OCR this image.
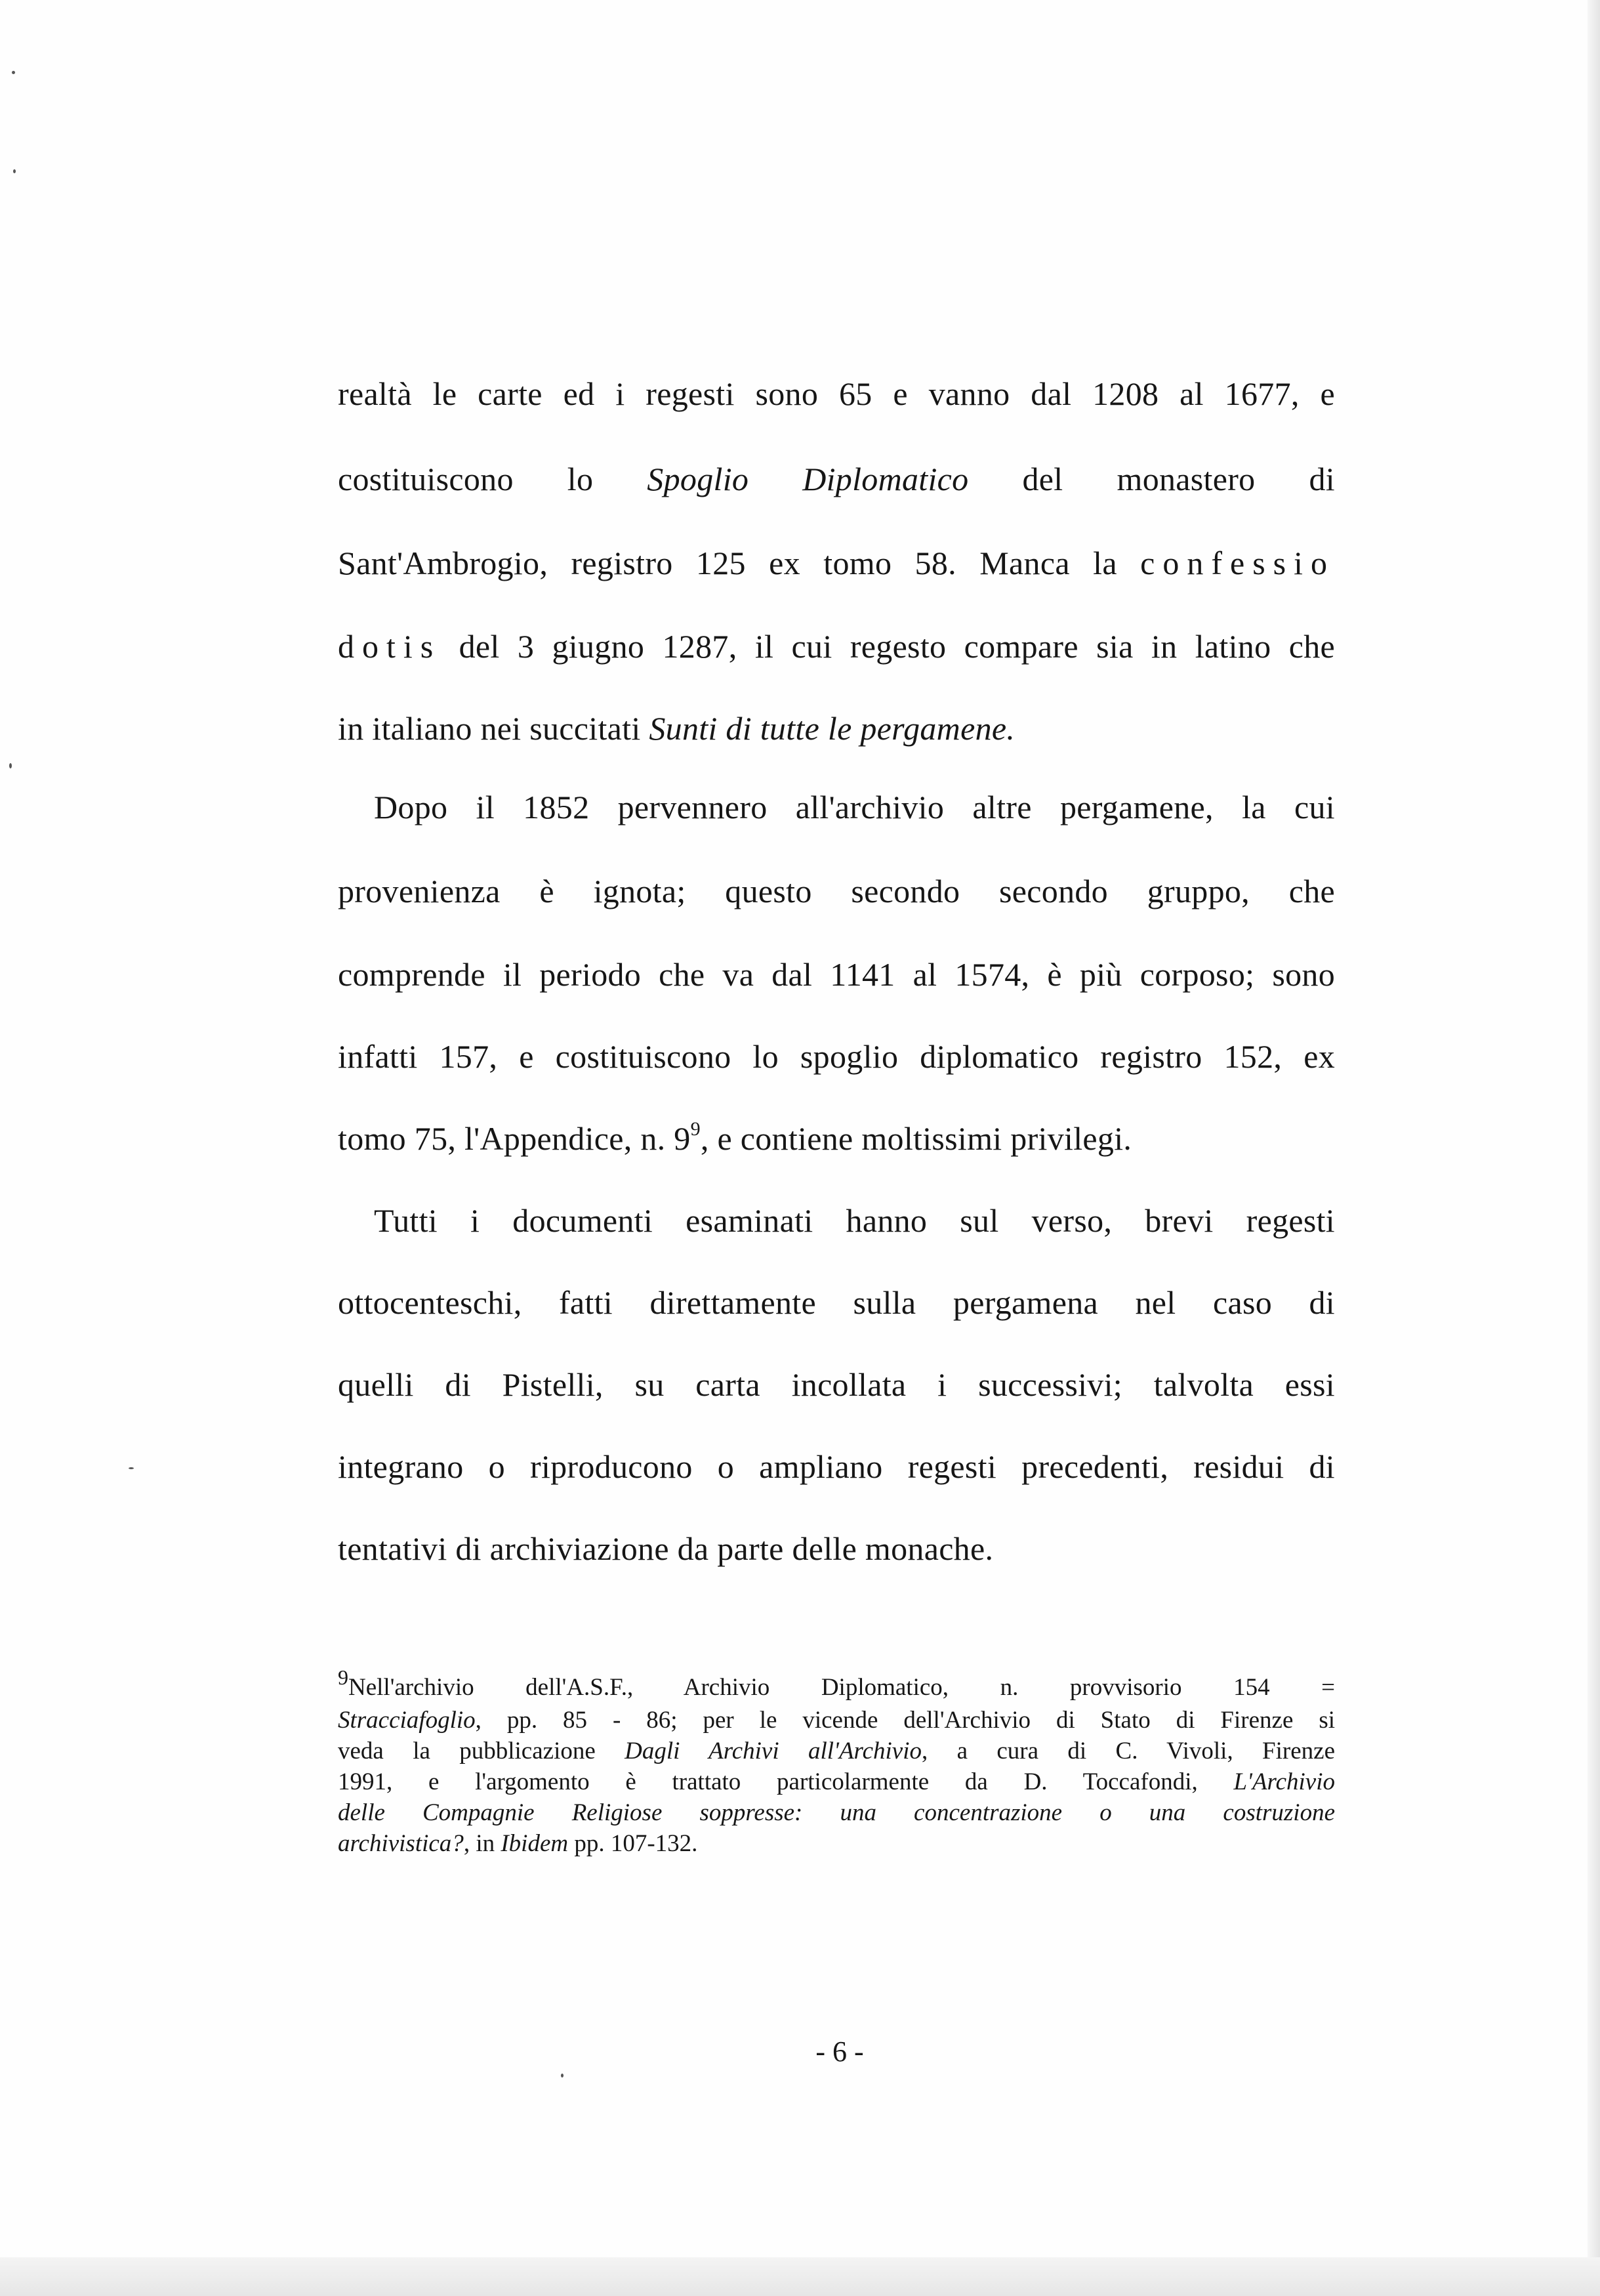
realtà le carte ed i regesti sono 65 e vanno dal 1208 al 1677, e
costituiscono lo Spoglio Diplomatico del monastero di
Sant'Ambrogio, registro 125 ex tomo 58. Manca la confessio
dotis del 3 giugno 1287, il cui regesto compare sia in latino che
in italiano nei succitati Sunti di tutte le pergamene.
Dopo il 1852 pervennero all'archivio altre pergamene, la cui
provenienza è ignota; questo secondo secondo gruppo, che
comprende il periodo che va dal 1141 al 1574, è più corposo; sono
infatti 157, e costituiscono lo spoglio diplomatico registro 152, ex
tomo 75, l'Appendice, n. $9^9$, e contiene moltissimi privilegi.
Tutti i documenti esaminati hanno sul verso, brevi regesti
ottocenteschi, fatti direttamente sulla pergamena nel caso di
quelli di Pistelli, su carta incollata i successivi; talvolta essi
integrano o riproducono o ampliano regesti precedenti, residui di
tentativi di archiviazione da parte delle monache.
9Nell'archivio dell'A.S.F., Archivio Diplomatico, n. provvisorio 154 =
Stracciafoglio, pp. 85 - 86; per le vicende dell'Archivio di Stato di Firenze si
veda la pubblicazione Dagli Archivi all'Archivio, a cura di C. Vivoli, Firenze
1991, e l'argomento è trattato particolarmente da D. Toccafondi, L'Archivio
delle Compagnie Religiose soppresse: una concentrazione o una costruzione
archivistica?, in Ibidem pp. 107-132.
- 6 -
